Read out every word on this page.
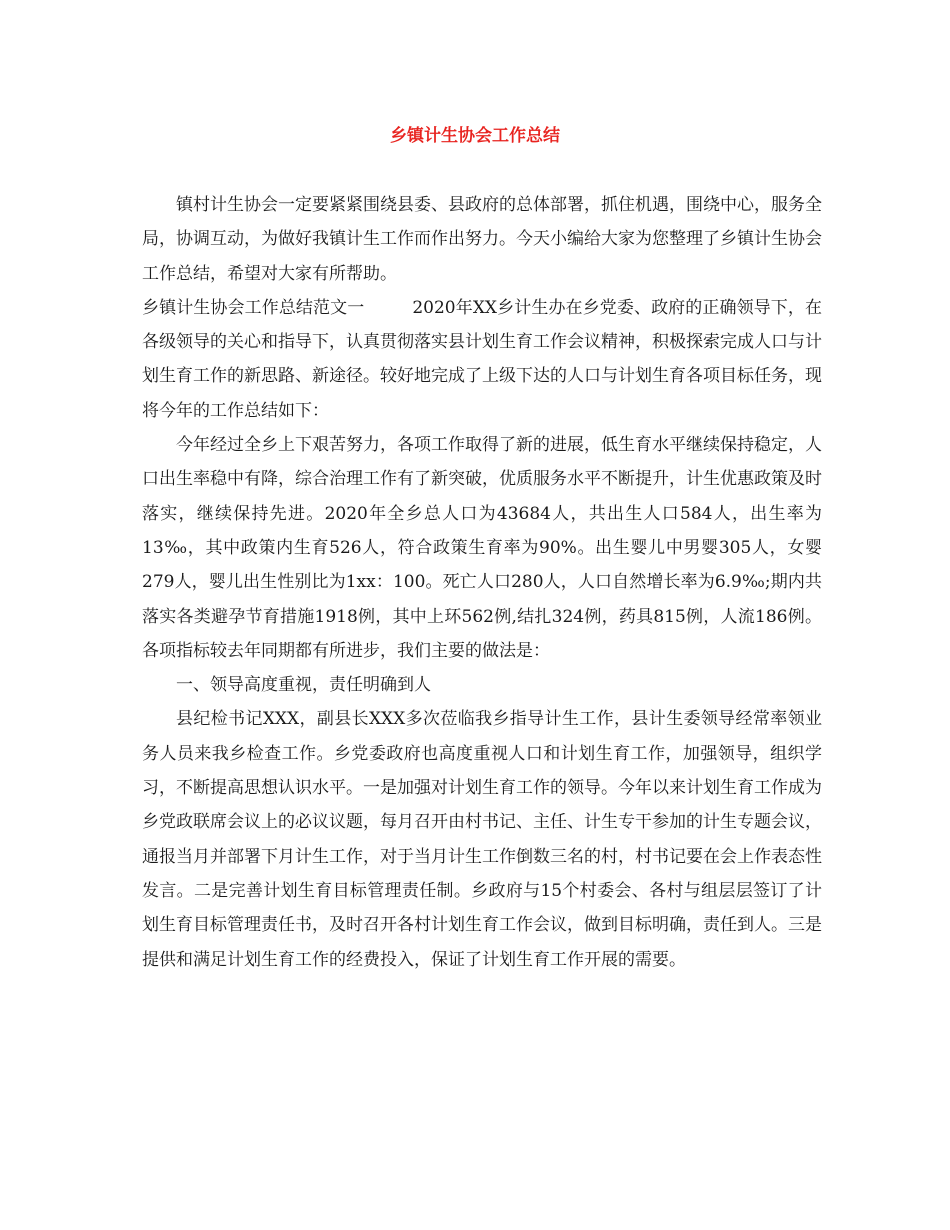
乡镇计生协会工作总结

镇村计生协会一定要紧紧围绕县委、县政府的总体部署，抓住机遇，围绕中心，服务全局，协调互动，为做好我镇计生工作而作出努力。今天小编给大家为您整理了乡镇计生协会工作总结，希望对大家有所帮助。

乡镇计生协会工作总结范文一	2020年XX乡计生办在乡党委、政府的正确领导下，在各级领导的关心和指导下，认真贯彻落实县计划生育工作会议精神，积极探索完成人口与计划生育工作的新思路、新途径。较好地完成了上级下达的人口与计划生育各项目标任务，现将今年的工作总结如下：

今年经过全乡上下艰苦努力，各项工作取得了新的进展，低生育水平继续保持稳定，人口出生率稳中有降，综合治理工作有了新突破，优质服务水平不断提升，计生优惠政策及时落实，继续保持先进。2020年全乡总人口为43684人，共出生人口584人，出生率为13‰，其中政策内生育526人，符合政策生育率为90%。出生婴儿中男婴305人，女婴279人，婴儿出生性别比为1xx：100。死亡人口280人，人口自然增长率为6.9‰;期内共落实各类避孕节育措施1918例，其中上环562例,结扎324例，药具815例，人流186例。各项指标较去年同期都有所进步，我们主要的做法是：

一、领导高度重视，责任明确到人

县纪检书记XXX，副县长XXX多次莅临我乡指导计生工作，县计生委领导经常率领业务人员来我乡检查工作。乡党委政府也高度重视人口和计划生育工作，加强领导，组织学习，不断提高思想认识水平。一是加强对计划生育工作的领导。今年以来计划生育工作成为乡党政联席会议上的必议议题，每月召开由村书记、主任、计生专干参加的计生专题会议，通报当月并部署下月计生工作，对于当月计生工作倒数三名的村，村书记要在会上作表态性发言。二是完善计划生育目标管理责任制。乡政府与15个村委会、各村与组层层签订了计划生育目标管理责任书，及时召开各村计划生育工作会议，做到目标明确，责任到人。三是提供和满足计划生育工作的经费投入，保证了计划生育工作开展的需要。
